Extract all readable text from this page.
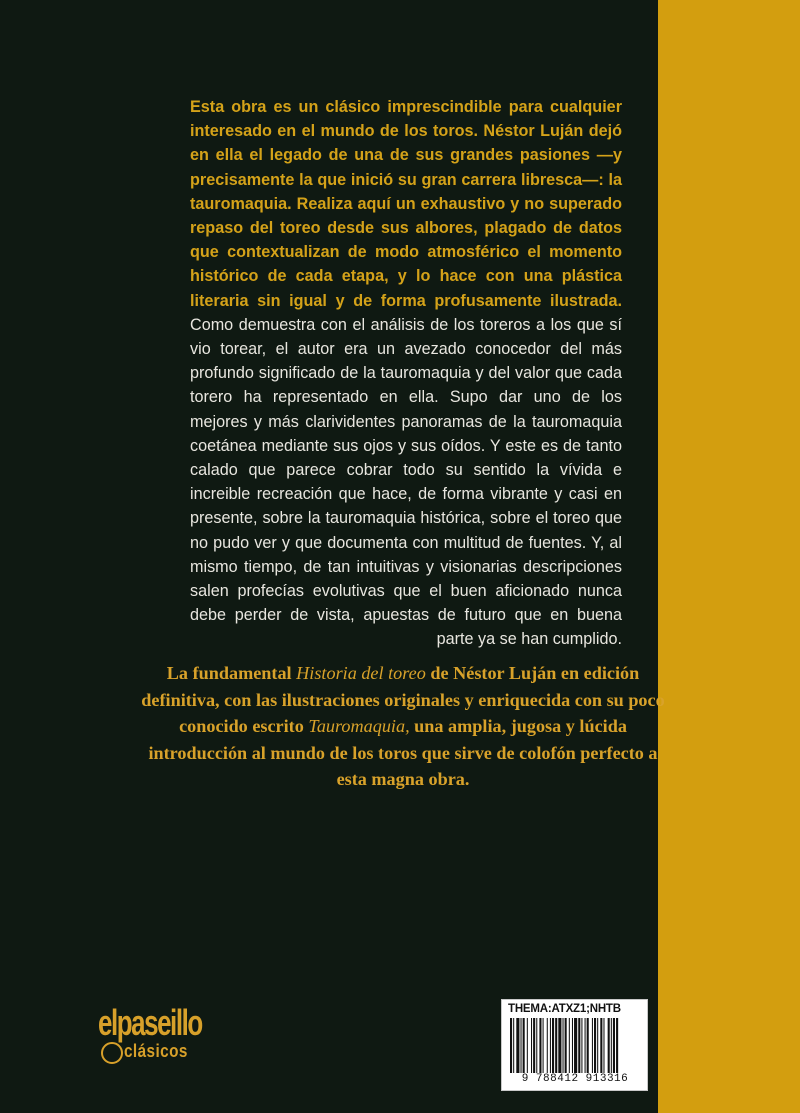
Esta obra es un clásico imprescindible para cualquier interesado en el mundo de los toros. Néstor Luján dejó en ella el legado de una de sus grandes pasiones —y precisamente la que inició su gran carrera libresca—: la tauromaquia. Realiza aquí un exhaustivo y no superado repaso del toreo desde sus albores, plagado de datos que contextualizan de modo atmosférico el momento histórico de cada etapa, y lo hace con una plástica literaria sin igual y de forma profusamente ilustrada. Como demuestra con el análisis de los toreros a los que sí vio torear, el autor era un avezado conocedor del más profundo significado de la tauromaquia y del valor que cada torero ha representado en ella. Supo dar uno de los mejores y más clarividentes panoramas de la tauromaquia coetánea mediante sus ojos y sus oídos. Y este es de tanto calado que parece cobrar todo su sentido la vívida e increible recreación que hace, de forma vibrante y casi en presente, sobre la tauromaquia histórica, sobre el toreo que no pudo ver y que documenta con multitud de fuentes. Y, al mismo tiempo, de tan intuitivas y visionarias descripciones salen profecías evolutivas que el buen aficionado nunca debe perder de vista, apuestas de futuro que en buena parte ya se han cumplido.
La fundamental Historia del toreo de Néstor Luján en edición definitiva, con las ilustraciones originales y enriquecida con su poco conocido escrito Tauromaquia, una amplia, jugosa y lúcida introducción al mundo de los toros que sirve de colofón perfecto a esta magna obra.
elpaseillo
clásicos
THEMA:ATXZ1;NHTB
9 788412 913316
